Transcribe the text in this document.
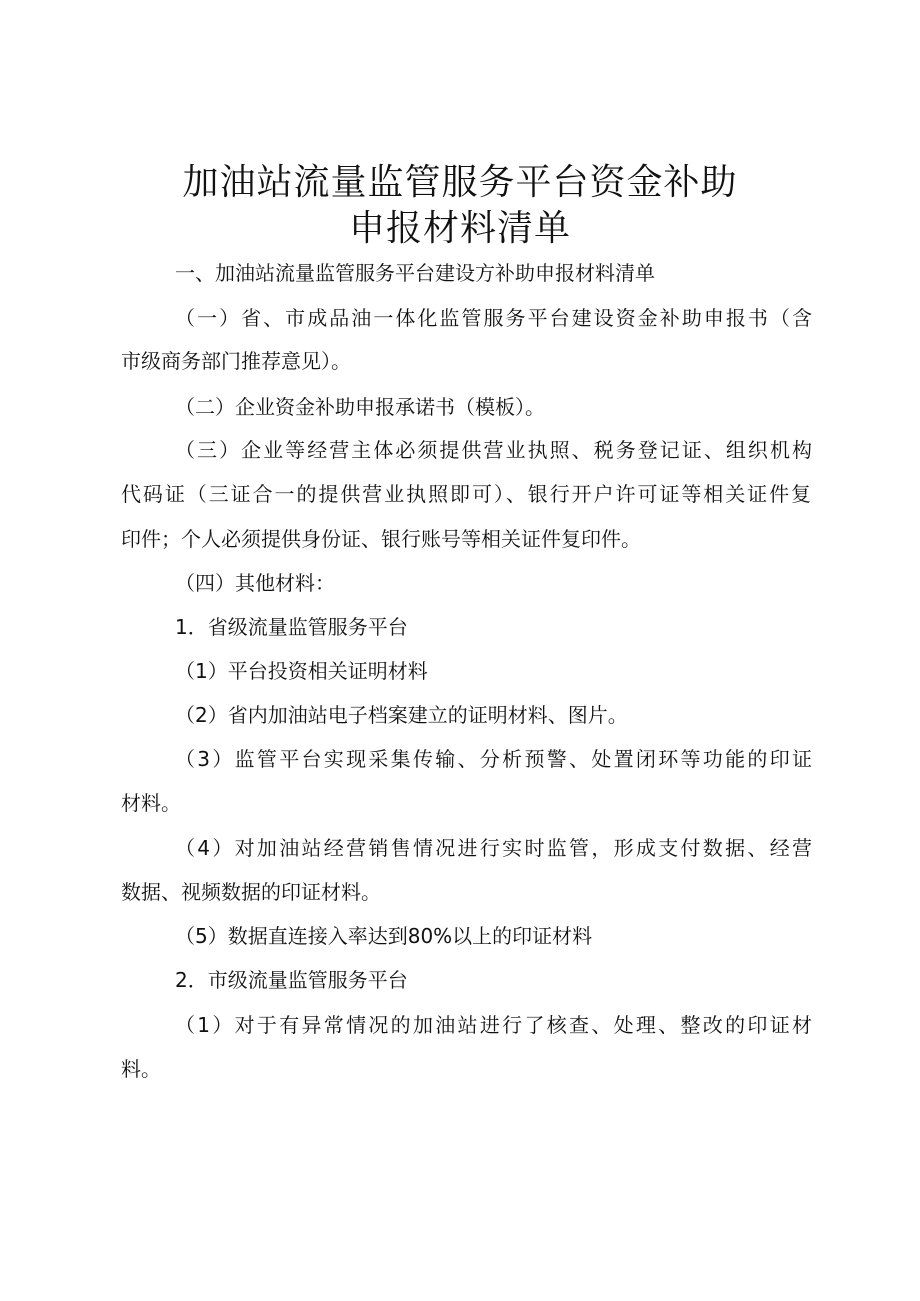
加油站流量监管服务平台资金补助
申报材料清单
一、加油站流量监管服务平台建设方补助申报材料清单
（一）省、市成品油一体化监管服务平台建设资金补助申报书（含
市级商务部门推荐意见）。
（二）企业资金补助申报承诺书（模板）。
（三）企业等经营主体必须提供营业执照、税务登记证、组织机构
代码证（三证合一的提供营业执照即可）、银行开户许可证等相关证件复
印件；个人必须提供身份证、银行账号等相关证件复印件。
（四）其他材料：
1．省级流量监管服务平台
（1）平台投资相关证明材料
（2）省内加油站电子档案建立的证明材料、图片。
（3）监管平台实现采集传输、分析预警、处置闭环等功能的印证
材料。
（4）对加油站经营销售情况进行实时监管，形成支付数据、经营
数据、视频数据的印证材料。
（5）数据直连接入率达到80%以上的印证材料
2．市级流量监管服务平台
（1）对于有异常情况的加油站进行了核查、处理、整改的印证材
料。
